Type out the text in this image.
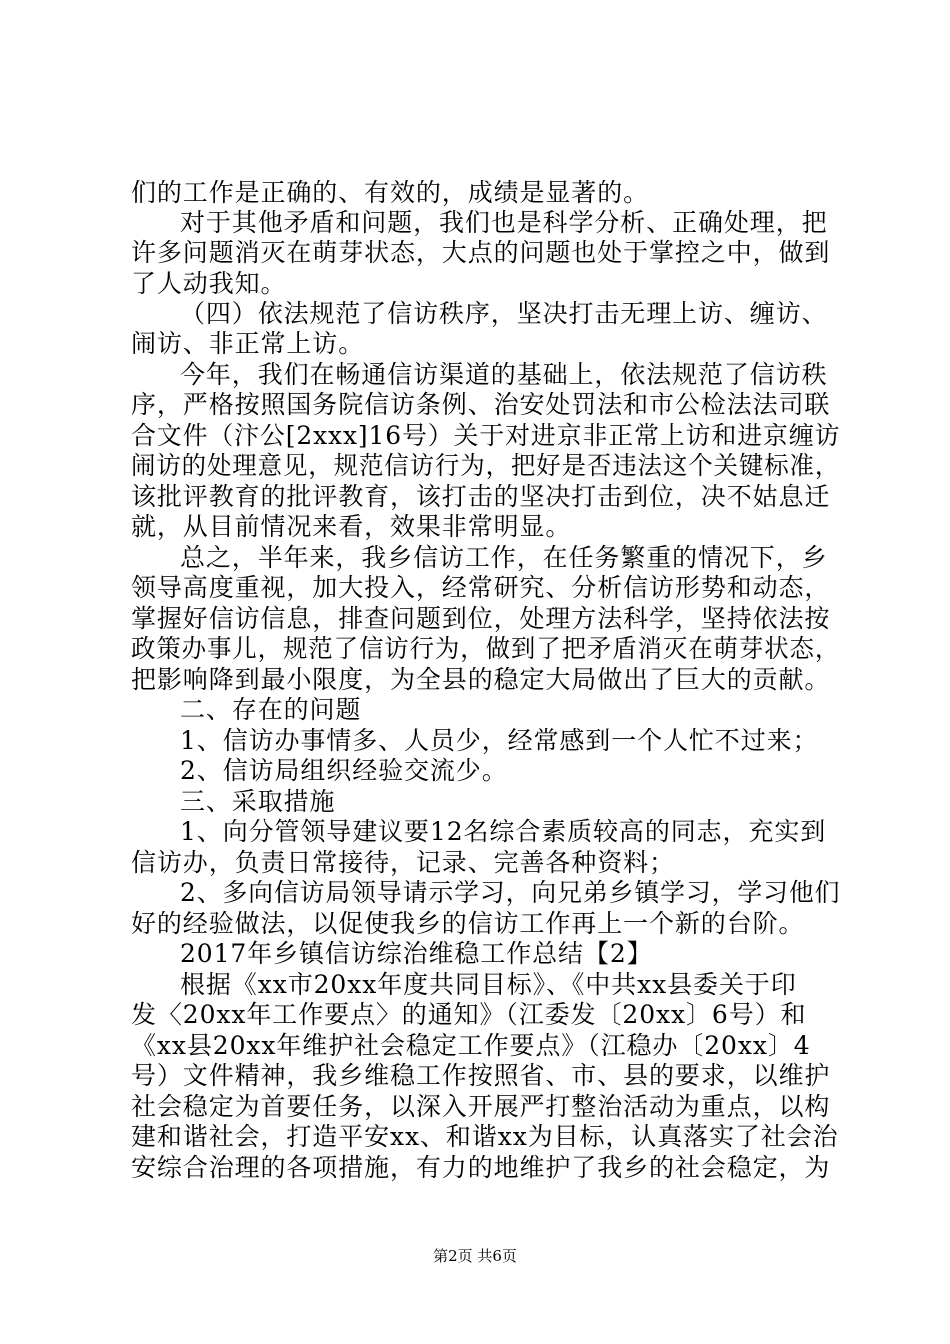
们的工作是正确的、有效的，成绩是显著的。
对于其他矛盾和问题，我们也是科学分析、正确处理，把
许多问题消灭在萌芽状态，大点的问题也处于掌控之中，做到
了人动我知。
（四）依法规范了信访秩序，坚决打击无理上访、缠访、
闹访、非正常上访。
今年，我们在畅通信访渠道的基础上，依法规范了信访秩
序，严格按照国务院信访条例、治安处罚法和市公检法法司联
合文件（汴公[2xxx]16号）关于对进京非正常上访和进京缠访
闹访的处理意见，规范信访行为，把好是否违法这个关键标准，
该批评教育的批评教育，该打击的坚决打击到位，决不姑息迁
就，从目前情况来看，效果非常明显。
总之，半年来，我乡信访工作，在任务繁重的情况下，乡
领导高度重视，加大投入，经常研究、分析信访形势和动态，
掌握好信访信息，排查问题到位，处理方法科学，坚持依法按
政策办事儿，规范了信访行为，做到了把矛盾消灭在萌芽状态，
把影响降到最小限度，为全县的稳定大局做出了巨大的贡献。
二、存在的问题
1、信访办事情多、人员少，经常感到一个人忙不过来；
2、信访局组织经验交流少。
三、采取措施
1、向分管领导建议要12名综合素质较高的同志，充实到
信访办，负责日常接待，记录、完善各种资料；
2、多向信访局领导请示学习，向兄弟乡镇学习，学习他们
好的经验做法，以促使我乡的信访工作再上一个新的台阶。
2017年乡镇信访综治维稳工作总结【2】
根据《xx市20xx年度共同目标》、《中共xx县委关于印
发〈20xx年工作要点〉的通知》（江委发〔20xx〕6号）和
《xx县20xx年维护社会稳定工作要点》（江稳办〔20xx〕4
号）文件精神，我乡维稳工作按照省、市、县的要求，以维护
社会稳定为首要任务，以深入开展严打整治活动为重点，以构
建和谐社会，打造平安xx、和谐xx为目标，认真落实了社会治
安综合治理的各项措施，有力的地维护了我乡的社会稳定，为
第2页 共6页
